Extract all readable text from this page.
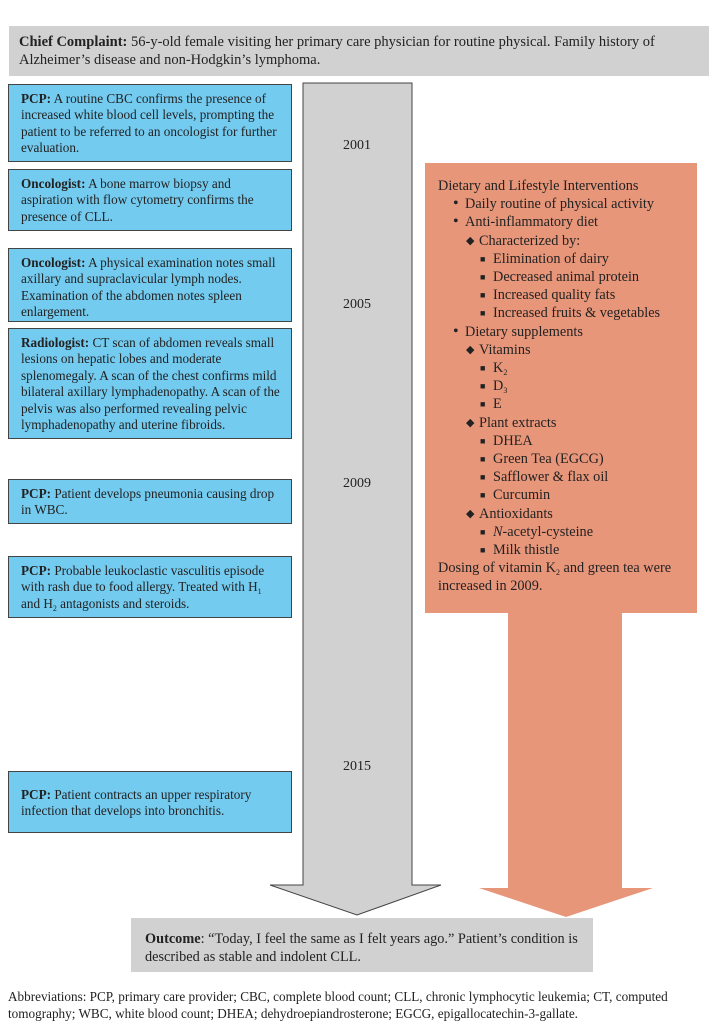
Chief Complaint: 56-y-old female visiting her primary care physician for routine physical. Family history of Alzheimer’s disease and non-Hodgkin’s lymphoma.
PCP: A routine CBC confirms the presence of increased white blood cell levels, prompting the patient to be referred to an oncologist for further evaluation.
Oncologist: A bone marrow biopsy and aspiration with flow cytometry confirms the presence of CLL.
Oncologist: A physical examination notes small axillary and supraclavicular lymph nodes. Examination of the abdomen notes spleen enlargement.
Radiologist: CT scan of abdomen reveals small lesions on hepatic lobes and moderate splenomegaly. A scan of the chest confirms mild bilateral axillary lymphadenopathy. A scan of the pelvis was also performed revealing pelvic lymphadenopathy and uterine fibroids.
PCP: Patient develops pneumonia causing drop in WBC.
PCP: Probable leukoclastic vasculitis episode with rash due to food allergy. Treated with $H_1$ and $H_2$ antagonists and steroids.
PCP: Patient contracts an upper respiratory infection that develops into bronchitis.
2001
2005
2009
2015
Dietary and Lifestyle Interventions
• Daily routine of physical activity
• Anti-inflammatory diet
◆ Characterized by:
■ Elimination of dairy
■ Decreased animal protein
■ Increased quality fats
■ Increased fruits & vegetables
• Dietary supplements
◆ Vitamins
■ $K_2$
■ $D_3$
■ E
◆ Plant extracts
■ DHEA
■ Green Tea (EGCG)
■ Safflower & flax oil
■ Curcumin
◆ Antioxidants
■ N-acetyl-cysteine
■ Milk thistle
Dosing of vitamin $K_2$ and green tea were increased in 2009.
Outcome: “Today, I feel the same as I felt years ago.” Patient’s condition is described as stable and indolent CLL.
Abbreviations: PCP, primary care provider; CBC, complete blood count; CLL, chronic lymphocytic leukemia; CT, computed tomography; WBC, white blood count; DHEA; dehydroepiandrosterone; EGCG, epigallocatechin-3-gallate.
